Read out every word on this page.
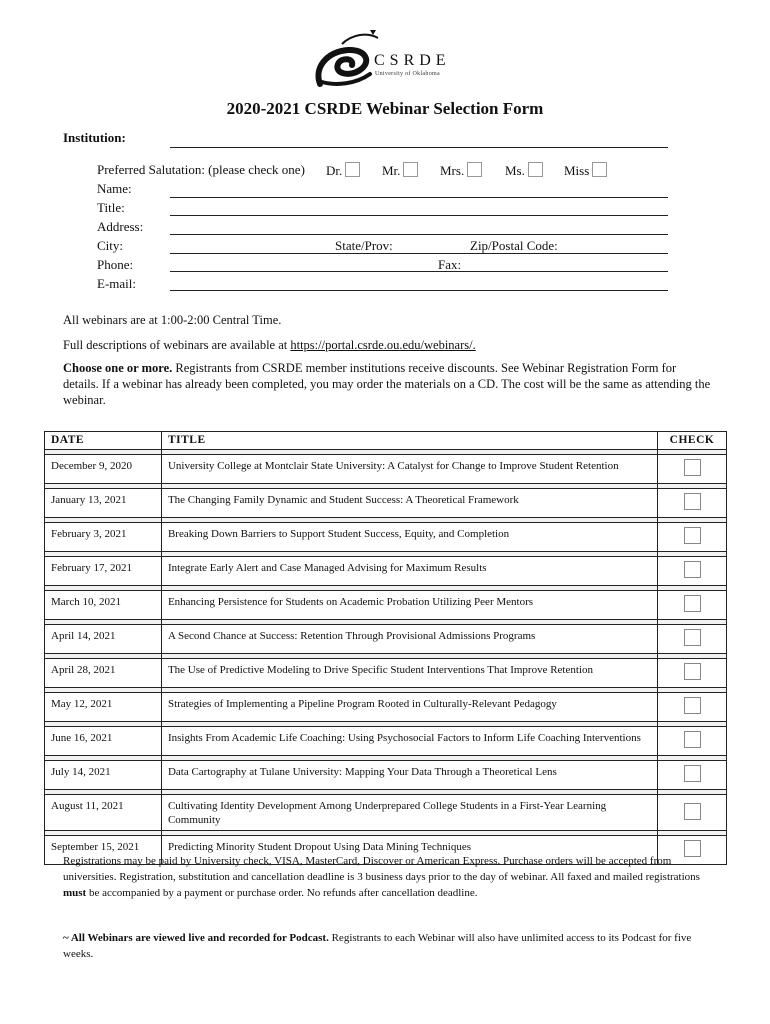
CSRDE
University of Oklahoma
2020-2021 CSRDE Webinar Selection Form
Institution:
Preferred Salutation: (please check one) Dr.	Mr.	Mrs.	Ms.	Miss
Name:
Title:
Address:
City:	State/Prov:	Zip/Postal Code:
Phone:	Fax:
E-mail:
All webinars are at 1:00-2:00 Central Time.
Full descriptions of webinars are available at https://portal.csrde.ou.edu/webinars/.
Choose one or more. Registrants from CSRDE member institutions receive discounts. See Webinar Registration Form for details. If a webinar has already been completed, you may order the materials on a CD. The cost will be the same as attending the webinar.
DATE	TITLE	CHECK

December 9, 2020	University College at Montclair State University: A Catalyst for Change to Improve Student Retention	

January 13, 2021	The Changing Family Dynamic and Student Success: A Theoretical Framework	

February 3, 2021	Breaking Down Barriers to Support Student Success, Equity, and Completion	

February 17, 2021	Integrate Early Alert and Case Managed Advising for Maximum Results	

March 10, 2021	Enhancing Persistence for Students on Academic Probation Utilizing Peer Mentors	

April 14, 2021	A Second Chance at Success: Retention Through Provisional Admissions Programs	

April 28, 2021	The Use of Predictive Modeling to Drive Specific Student Interventions That Improve Retention	

May 12, 2021	Strategies of Implementing a Pipeline Program Rooted in Culturally-Relevant Pedagogy	

June 16, 2021	Insights From Academic Life Coaching: Using Psychosocial Factors to Inform Life Coaching Interventions	

July 14, 2021	Data Cartography at Tulane University: Mapping Your Data Through a Theoretical Lens	

August 11, 2021	Cultivating Identity Development Among Underprepared College Students in a First-Year Learning Community	

September 15, 2021	Predicting Minority Student Dropout Using Data Mining Techniques	
Registrations may be paid by University check, VISA, MasterCard, Discover or American Express. Purchase orders will be accepted from universities. Registration, substitution and cancellation deadline is 3 business days prior to the day of webinar. All faxed and mailed registrations must be accompanied by a payment or purchase order. No refunds after cancellation deadline.
~ All Webinars are viewed live and recorded for Podcast. Registrants to each Webinar will also have unlimited access to its Podcast for five weeks.
